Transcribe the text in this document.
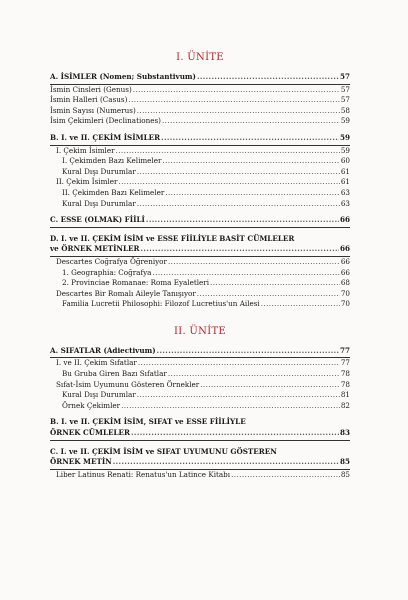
I. ÜNİTE
A. İSİMLER (Nomen; Substantivum) .....	57
İsmin Cinsleri (Genus) .....	57
İsmin Halleri (Casus) .....	57
İsmin Sayısı (Numerus) .....	58
İsim Çekimleri (Declinationes) .....	59
B. I. ve II. ÇEKİM İSİMLER .....	59
I. Çekim İsimler .....	59
I. Çekimden Bazı Kelimeler .....	60
Kural Dışı Durumlar .....	61
II. Çekim İsimler .....	61
II. Çekimden Bazı Kelimeler .....	63
Kural Dışı Durumlar .....	63
C. ESSE (OLMAK) FİİLİ .....	66
D. I. ve II. ÇEKİM İSİM ve ESSE FİİLİYLE BASİT CÜMLELER
ve ÖRNEK METİNLER .....	66
Descartes Coğrafya Öğreniyor .....	66
1. Geographia: Coğrafya .....	66
2. Provinciae Romanae: Roma Eyaletleri .....	68
Descartes Bir Romalı Aileyle Tanışıyor .....	70
Familia Lucretii Philosophi: Filozof Lucretius'un Ailesi .....	70
II. ÜNİTE
A. SIFATLAR (Adiectivum) .....	77
I. ve II. Çekim Sıfatlar .....	77
Bu Gruba Giren Bazı Sıfatlar .....	78
Sıfat-İsim Uyumunu Gösteren Örnekler .....	78
Kural Dışı Durumlar .....	81
Örnek Çekimler .....	82
B. I. ve II. ÇEKİM İSİM, SIFAT ve ESSE FİİLİYLE
ÖRNEK CÜMLELER .....	83
C. I. ve II. ÇEKİM İSİM ve SIFAT UYUMUNU GÖSTEREN
ÖRNEK METİN .....	85
Liber Latinus Renati: Renatus'un Latince Kitabı .....	85
